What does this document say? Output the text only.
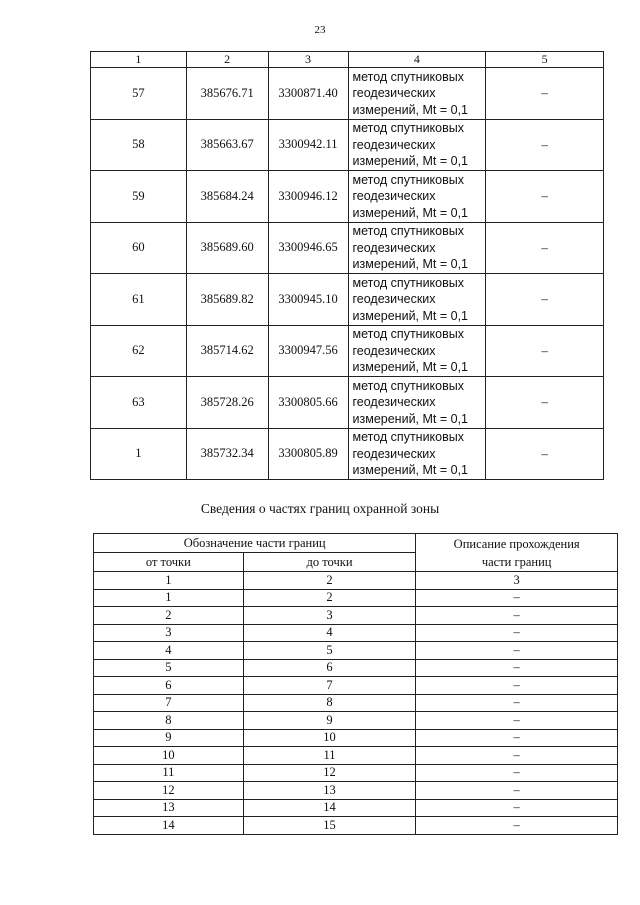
23
1	2	3	4	5
57	385676.71	3300871.40	метод спутниковых
геодезических
измерений, Mt = 0,1	–
58	385663.67	3300942.11	метод спутниковых
геодезических
измерений, Mt = 0,1	–
59	385684.24	3300946.12	метод спутниковых
геодезических
измерений, Mt = 0,1	–
60	385689.60	3300946.65	метод спутниковых
геодезических
измерений, Mt = 0,1	–
61	385689.82	3300945.10	метод спутниковых
геодезических
измерений, Mt = 0,1	–
62	385714.62	3300947.56	метод спутниковых
геодезических
измерений, Mt = 0,1	–
63	385728.26	3300805.66	метод спутниковых
геодезических
измерений, Mt = 0,1	–
1	385732.34	3300805.89	метод спутниковых
геодезических
измерений, Mt = 0,1	–
Сведения о частях границ охранной зоны
Обозначение части границ		Описание прохождения
части границ
от точки	до точки	
1	2	3
1	2	–
2	3	–
3	4	–
4	5	–
5	6	–
6	7	–
7	8	–
8	9	–
9	10	–
10	11	–
11	12	–
12	13	–
13	14	–
14	15	–
